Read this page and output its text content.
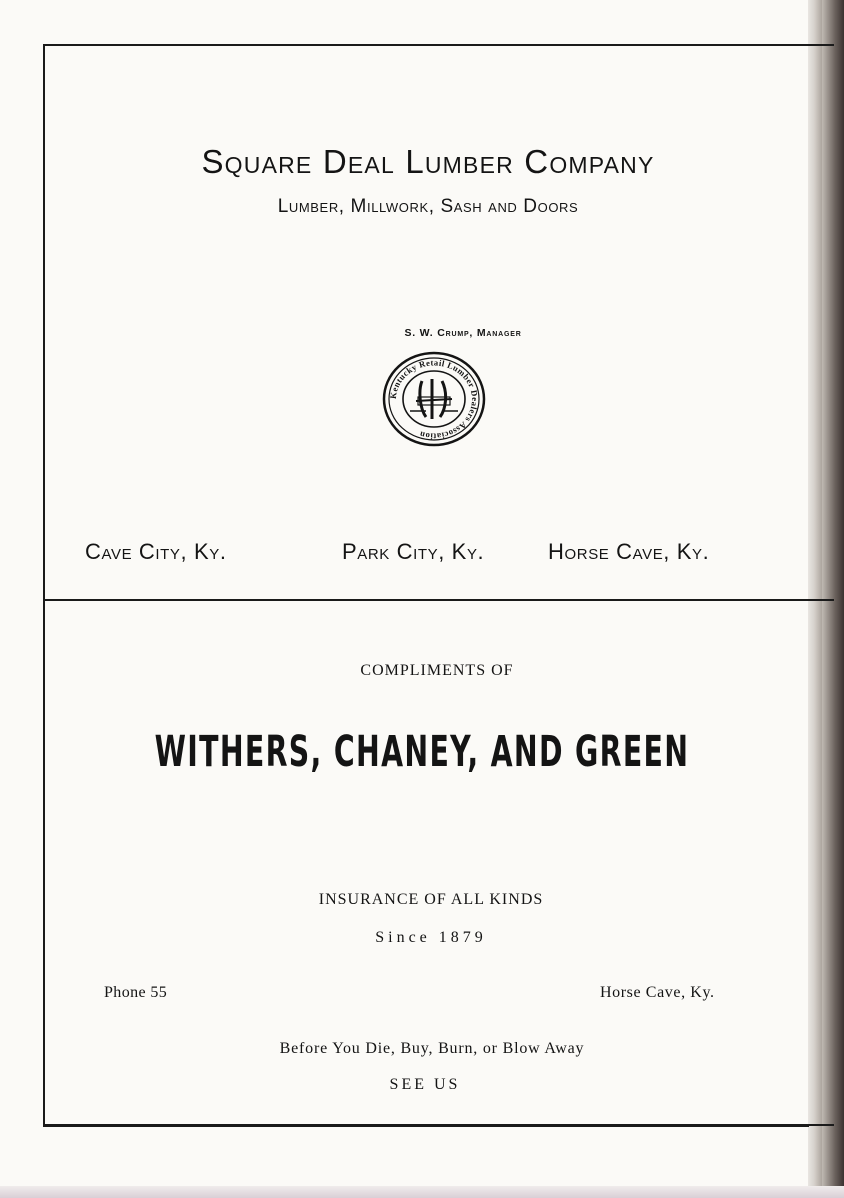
Square Deal Lumber Company
Lumber, Millwork, Sash and Doors
S. W. Crump, Manager
Kentucky Retail Lumber Dealers Association
Cave City, Ky.	Park City, Ky.	Horse Cave, Ky.
COMPLIMENTS OF
WITHERS, CHANEY, AND GREEN
INSURANCE OF ALL KINDS
Since 1879
Phone 55	Horse Cave, Ky.
Before You Die, Buy, Burn, or Blow Away
SEE US
